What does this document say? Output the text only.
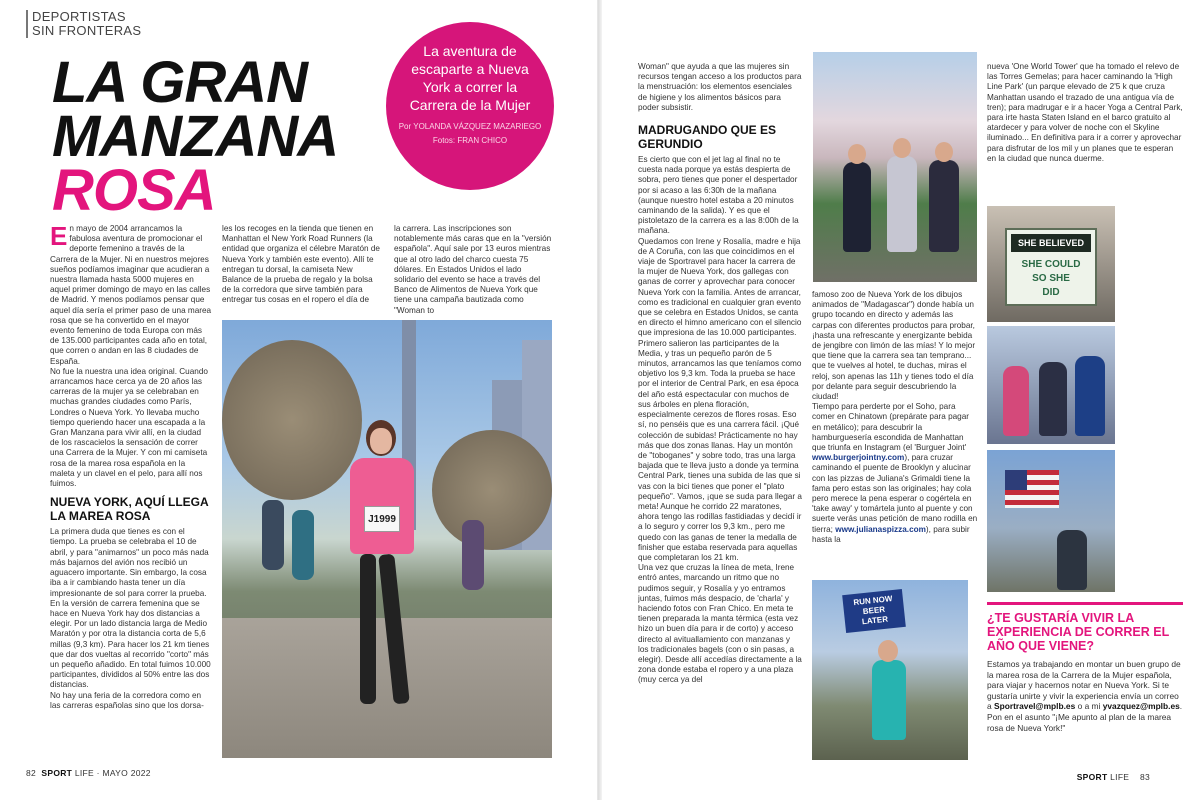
DEPORTISTAS
SIN FRONTERAS
LA GRAN
MANZANA
ROSA
La aventura de escaparte a Nueva York a correr la Carrera de la Mujer
Por YOLANDA VÁZQUEZ MAZARIEGO
Fotos: FRAN CHICO
E n mayo de 2004 arrancamos la fabulosa aventura de promocionar el deporte femenino a través de la Carrera de la Mujer. Ni en nuestros mejores sueños podíamos imaginar que acudieran a nuestra llamada hasta 5000 mujeres en aquel primer domingo de mayo en las calles de Madrid. Y menos podíamos pensar que aquel día sería el primer paso de una marea rosa que se ha convertido en el mayor evento femenino de toda Europa con más de 135.000 participantes cada año en total, que corren o andan en las 8 ciudades de España.

No fue la nuestra una idea original. Cuando arrancamos hace cerca ya de 20 años las carreras de la mujer ya se celebraban en muchas grandes ciudades como París, Londres o Nueva York. Yo llevaba mucho tiempo queriendo hacer una escapada a la Gran Manzana para vivir allí, en la ciudad de los rascacielos la sensación de correr una Carrera de la Mujer. Y con mi camiseta rosa de la marea rosa española en la maleta y un clavel en el pelo, para allí nos fuimos.

NUEVA YORK, AQUÍ LLEGA LA MAREA ROSA

La primera duda que tienes es con el tiempo. La prueba se celebraba el 10 de abril, y para "animarnos" un poco más nada más bajarnos del avión nos recibió un aguacero importante. Sin embargo, la cosa iba a ir cambiando hasta tener un día impresionante de sol para correr la prueba.

En la versión de carrera femenina que se hace en Nueva York hay dos distancias a elegir. Por un lado distancia larga de Medio Maratón y por otra la distancia corta de 5,6 millas (9,3 km). Para hacer los 21 km tienes que dar dos vueltas al recorrido "corto" más un pequeño añadido. En total fuimos 10.000 participantes, divididos al 50% entre las dos distancias.

No hay una feria de la corredora como en las carreras españolas sino que los dorsa-

les los recoges en la tienda que tienen en Manhattan el New York Road Runners (la entidad que organiza el célebre Maratón de Nueva York y también este evento). Allí te entregan tu dorsal, la camiseta New Balance de la prueba de regalo y la bolsa de la corredora que sirve también para entregar tus cosas en el ropero el día de

la carrera. Las inscripciones son notablemente más caras que en la "versión española". Aquí sale por 13 euros mientras que al otro lado del charco cuesta 75 dólares. En Estados Unidos el lado solidario del evento se hace a través del Banco de Alimentos de Nueva York que tiene una campaña bautizada como "Woman to

J1999
82 SPORT LIFE · MAYO 2022

Woman" que ayuda a que las mujeres sin recursos tengan acceso a los productos para la menstruación: los elementos esenciales de higiene y los alimentos básicos para poder subsistir.

MADRUGANDO QUE ES GERUNDIO

Es cierto que con el jet lag al final no te cuesta nada porque ya estás despierta de sobra, pero tienes que poner el despertador por si acaso a las 6:30h de la mañana (aunque nuestro hotel estaba a 20 minutos caminando de la salida). Y es que el pistoletazo de la carrera es a las 8:00h de la mañana.

Quedamos con Irene y Rosalía, madre e hija de A Coruña, con las que coincidimos en el viaje de Sportravel para hacer la carrera de la mujer de Nueva York, dos gallegas con ganas de correr y aprovechar para conocer Nueva York con la familia. Antes de arrancar, como es tradicional en cualquier gran evento que se celebra en Estados Unidos, se canta en directo el himno americano con el silencio que impresiona de las 10.000 participantes. Primero salieron las participantes de la Media, y tras un pequeño parón de 5 minutos, arrancamos las que teníamos como objetivo los 9,3 km. Toda la prueba se hace por el interior de Central Park, en esa época del año está espectacular con muchos de sus árboles en plena floración, especialmente cerezos de flores rosas. Eso sí, no penséis que es una carrera fácil. ¡Qué colección de subidas! Prácticamente no hay más que dos zonas llanas. Hay un montón de "toboganes" y sobre todo, tras una larga bajada que te lleva justo a donde ya termina Central Park, tienes una subida de las que si vas con la bici tienes que poner el "plato pequeño". Vamos, ¡que se suda para llegar a meta! Aunque he corrido 22 maratones, ahora tengo las rodillas fastidiadas y decidí ir a lo seguro y correr los 9,3 km., pero me quedo con las ganas de tener la medalla de finisher que estaba reservada para aquellas que completaran los 21 km.

Una vez que cruzas la línea de meta, Irene entró antes, marcando un ritmo que no pudimos seguir, y Rosalía y yo entramos juntas, fuimos más despacio, de 'charla' y haciendo fotos con Fran Chico. En meta te tienen preparada la manta térmica (esta vez hizo un buen día para ir de corto) y acceso directo al avituallamiento con manzanas y los tradicionales bagels (con o sin pasas, a elegir). Desde allí accedías directamente a la zona donde estaba el ropero y a una plaza (muy cerca ya del

famoso zoo de Nueva York de los dibujos animados de "Madagascar") donde había un grupo tocando en directo y además las carpas con diferentes productos para probar, ¡hasta una refrescante y energizante bebida de jengibre con limón de las mías! Y lo mejor que tiene que la carrera sea tan temprano... que te vuelves al hotel, te duchas, miras el reloj, son apenas las 11h y tienes todo el día por delante para seguir descubriendo la ciudad!

Tiempo para perderte por el Soho, para comer en Chinatown (prepárate para pagar en metálico); para descubrir la hamburguesería escondida de Manhattan que triunfa en Instagram (el 'Burguer Joint' www.burgerjointny.com), para cruzar caminando el puente de Brooklyn y alucinar con las pizzas de Juliana's Grimaldi tiene la fama pero estas son las originales; hay cola pero merece la pena esperar o cogértela en 'take away' y tomártela junto al puente y con suerte verás unas petición de mano rodilla en tierra; www.julianaspizza.com), para subir hasta la

RUN NOW
BEER
LATER

nueva 'One World Tower' que ha tomado el relevo de las Torres Gemelas; para hacer caminando la 'High Line Park' (un parque elevado de 2'5 k que cruza Manhattan usando el trazado de una antigua vía de tren); para madrugar e ir a hacer Yoga a Central Park, para irte hasta Staten Island en el barco gratuito al atardecer y para volver de noche con el Skyline iluminado... En definitiva para ir a correr y aprovechar para disfrutar de los mil y un planes que te esperan en la ciudad que nunca duerme.

SHE BELIEVED
SHE COULD
SO SHE
DID
¿TE GUSTARÍA VIVIR LA EXPERIENCIA DE CORRER EL AÑO QUE VIENE?
Estamos ya trabajando en montar un buen grupo de la marea rosa de la Carrera de la Mujer española, para viajar y hacernos notar en Nueva York. Si te gustaría unirte y vivir la experiencia envía un correo a Sportravel@mplb.es o a mi yvazquez@mplb.es. Pon en el asunto "¡Me apunto al plan de la marea rosa de Nueva York!"
SPORT LIFE 83
